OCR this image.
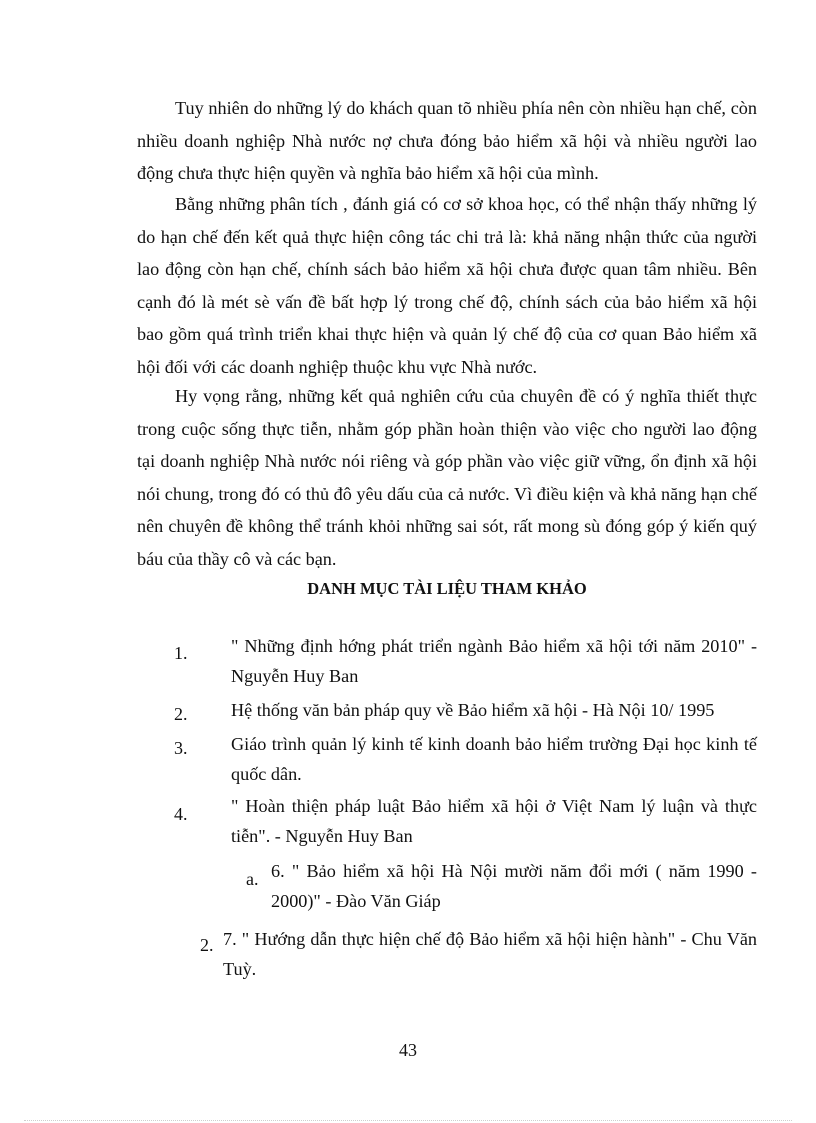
Tuy nhiên do những lý do khách quan tõ nhiều phía nên còn nhiều hạn chế, còn nhiều doanh nghiệp Nhà nước nợ chưa đóng bảo hiểm xã hội và nhiều người lao động chưa thực hiện quyền và nghĩa bảo hiểm xã hội của mình.

Bằng những phân tích , đánh giá có cơ sở khoa học, có thể nhận thấy những lý do hạn chế đến kết quả thực hiện công tác chi trả là: khả năng nhận thức của người lao động còn hạn chế, chính sách bảo hiểm xã hội chưa được quan tâm nhiều. Bên cạnh đó là mét sè vấn đề bất hợp lý trong chế độ, chính sách của bảo hiểm xã hội bao gồm quá trình triển khai thực hiện và quản lý chế độ của cơ quan Bảo hiểm xã hội đối với các doanh nghiệp thuộc khu vực Nhà nước.

Hy vọng rằng, những kết quả nghiên cứu của chuyên đề có ý nghĩa thiết thực trong cuộc sống thực tiễn, nhằm góp phần hoàn thiện vào việc cho người lao động tại doanh nghiệp Nhà nước nói riêng và góp phần vào việc giữ vững, ổn định xã hội nói chung, trong đó có thủ đô yêu dấu của cả nước. Vì điều kiện và khả năng hạn chế nên chuyên đề không thể tránh khỏi những sai sót, rất mong sù đóng góp ý kiến quý báu của thầy cô và các bạn.

DANH MỤC TÀI LIỆU THAM KHẢO
1. " Những định hớng phát triển ngành Bảo hiểm xã hội tới năm 2010" - Nguyễn Huy Ban

2. Hệ thống văn bản pháp quy về Bảo hiểm xã hội - Hà Nội 10/ 1995

3. Giáo trình quản lý kinh tế kinh doanh bảo hiểm trường Đại học kinh tế quốc dân.

4. " Hoàn thiện pháp luật Bảo hiểm xã hội ở Việt Nam lý luận và thực tiễn". - Nguyễn Huy Ban

a. 6. " Bảo hiểm xã hội Hà Nội mười năm đổi mới ( năm 1990 - 2000)" - Đào Văn Giáp

2. 7. " Hướng dẫn thực hiện chế độ Bảo hiểm xã hội hiện hành" - Chu Văn Tuỳ.

43
